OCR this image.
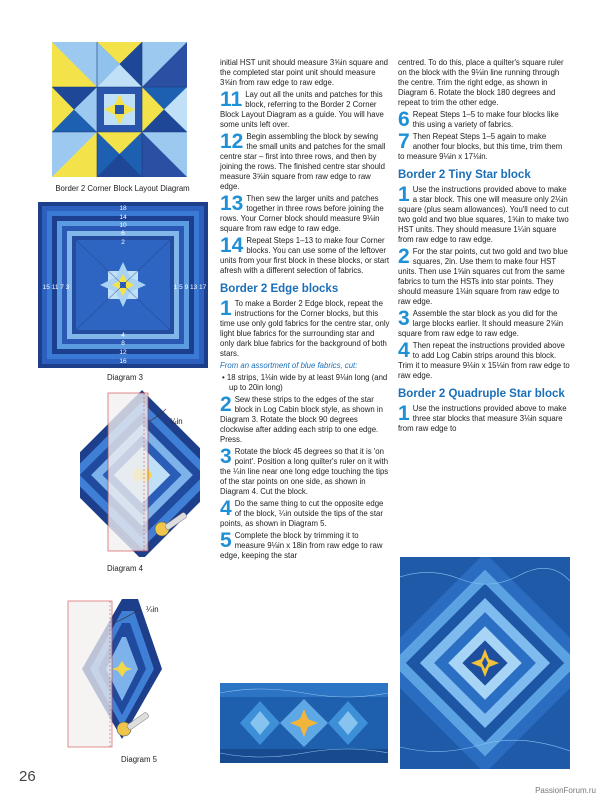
Border 2 Corner Block Layout Diagram
18
14
10
6
2
4
8
12
16
15 11 7 3	1 5 9 13 17
Diagram 3
¼in
Diagram 4
¼in
Diagram 5

initial HST unit should measure 3⅝in square and the completed star point unit should measure 3⅝in from raw edge to raw edge.

11 Lay out all the units and patches for this block, referring to the Border 2 Corner Block Layout Diagram as a guide. You will have some units left over.
12 Begin assembling the block by sewing the small units and patches for the small centre star – first into three rows, and then by joining the rows. The finished centre star should measure 3⅝in square from raw edge to raw edge.
13 Then sew the larger units and patches together in three rows before joining the rows. Your Corner block should measure 9⅛in square from raw edge to raw edge.
14 Repeat Steps 1–13 to make four Corner blocks. You can use some of the leftover units from your first block in these blocks, or start afresh with a different selection of fabrics.
Border 2 Edge blocks
1 To make a Border 2 Edge block, repeat the instructions for the Corner blocks, but this time use only gold fabrics for the centre star, only light blue fabrics for the surrounding star and only dark blue fabrics for the background of both stars.

From an assortment of blue fabrics, cut:

• 18 strips, 1⅛in wide by at least 9⅛in long (and up to 20in long)

2 Sew these strips to the edges of the star block in Log Cabin block style, as shown in Diagram 3. Rotate the block 90 degrees clockwise after adding each strip to one edge. Press.
3 Rotate the block 45 degrees so that it is 'on point'. Position a long quilter's ruler on it with the ¼in line near one long edge touching the tips of the star points on one side, as shown in Diagram 4. Cut the block.
4 Do the same thing to cut the opposite edge of the block, ¼in outside the tips of the star points, as shown in Diagram 5.
5 Complete the block by trimming it to measure 9⅛in x 18in from raw edge to raw edge, keeping the star

centred. To do this, place a quilter's square ruler on the block with the 9⅛in line running through the centre. Trim the right edge, as shown in Diagram 6. Rotate the block 180 degrees and repeat to trim the other edge.

6 Repeat Steps 1–5 to make four blocks like this using a variety of fabrics.
7 Then Repeat Steps 1–5 again to make another four blocks, but this time, trim them to measure 9⅛in x 17⅛in.
Border 2 Tiny Star block
1 Use the instructions provided above to make a star block. This one will measure only 2⅛in square (plus seam allowances). You'll need to cut two gold and two blue squares, 1⅝in to make two HST units. They should measure 1¼in square from raw edge to raw edge.
2 For the star points, cut two gold and two blue squares, 2in. Use them to make four HST units. Then use 1⅝in squares cut from the same fabrics to turn the HSTs into star points. They should measure 1⅛in square from raw edge to raw edge.
3 Assemble the star block as you did for the large blocks earlier. It should measure 2⅝in square from raw edge to raw edge.
4 Then repeat the instructions provided above to add Log Cabin strips around this block. Trim it to measure 9⅛in x 15⅛in from raw edge to raw edge.
Border 2 Quadruple Star block
1 Use the instructions provided above to make three star blocks that measure 3⅛in square from raw edge to
26
PassionForum.ru
